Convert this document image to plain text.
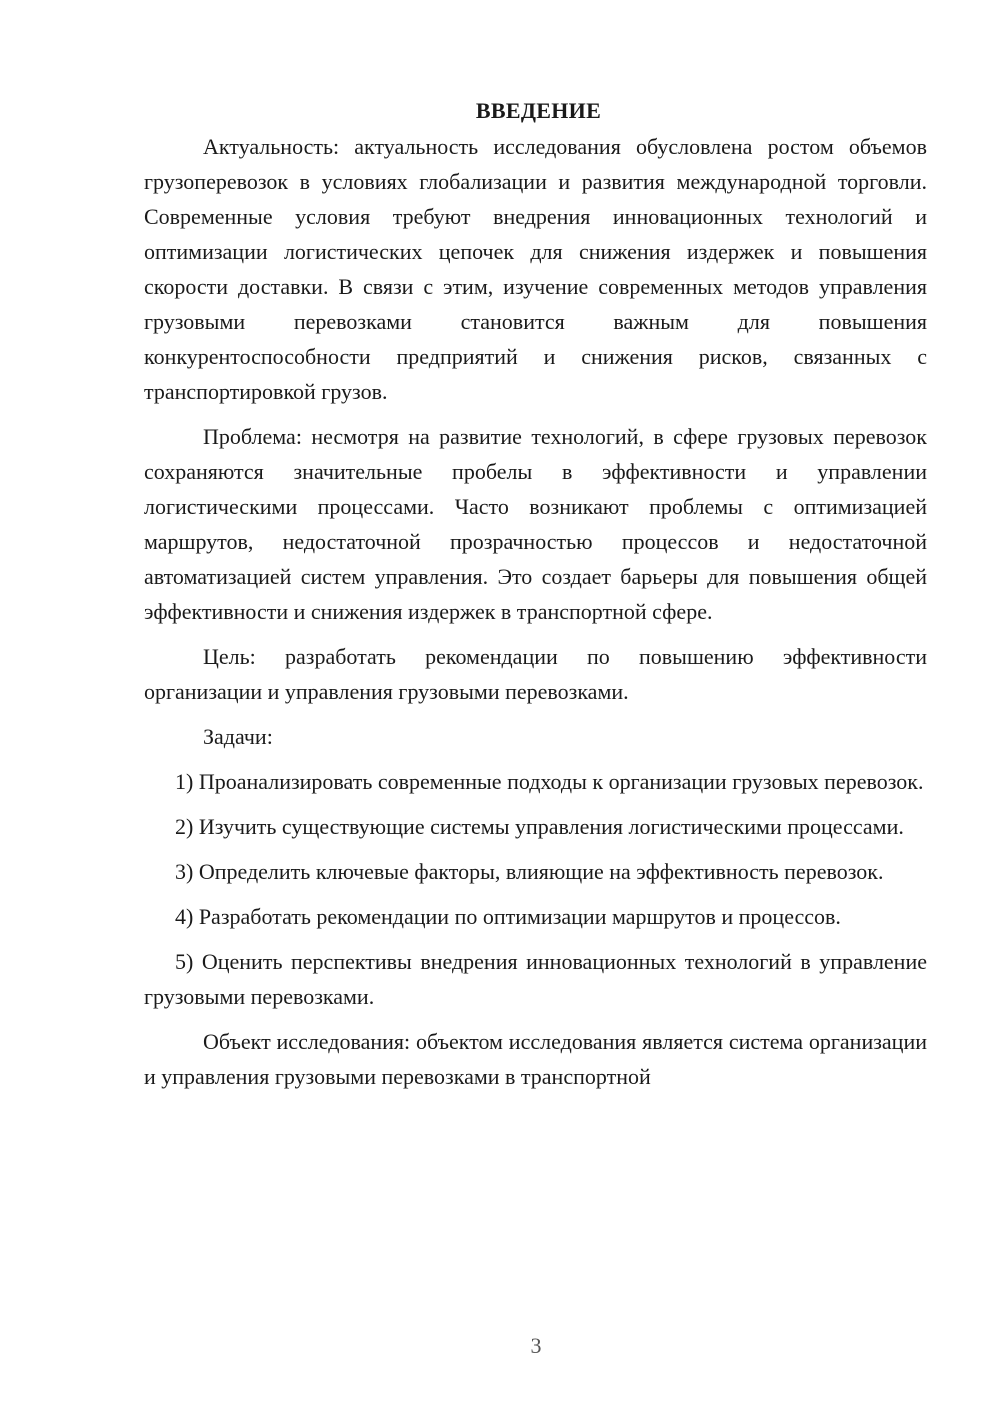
ВВЕДЕНИЕ

Актуальность: актуальность исследования обусловлена ростом объемов грузоперевозок в условиях глобализации и развития международной торговли. Современные условия требуют внедрения инновационных технологий и оптимизации логистических цепочек для снижения издержек и повышения скорости доставки. В связи с этим, изучение современных методов управления грузовыми перевозками становится важным для повышения конкурентоспособности предприятий и снижения рисков, связанных с транспортировкой грузов.

Проблема: несмотря на развитие технологий, в сфере грузовых перевозок сохраняются значительные пробелы в эффективности и управлении логистическими процессами. Часто возникают проблемы с оптимизацией маршрутов, недостаточной прозрачностью процессов и недостаточной автоматизацией систем управления. Это создает барьеры для повышения общей эффективности и снижения издержек в транспортной сфере.

Цель: разработать рекомендации по повышению эффективности организации и управления грузовыми перевозками.

Задачи:

1) Проанализировать современные подходы к организации грузовых перевозок.

2) Изучить существующие системы управления логистическими процессами.

3) Определить ключевые факторы, влияющие на эффективность перевозок.

4) Разработать рекомендации по оптимизации маршрутов и процессов.

5) Оценить перспективы внедрения инновационных технологий в управление грузовыми перевозками.

Объект исследования: объектом исследования является система организации и управления грузовыми перевозками в транспортной

3
